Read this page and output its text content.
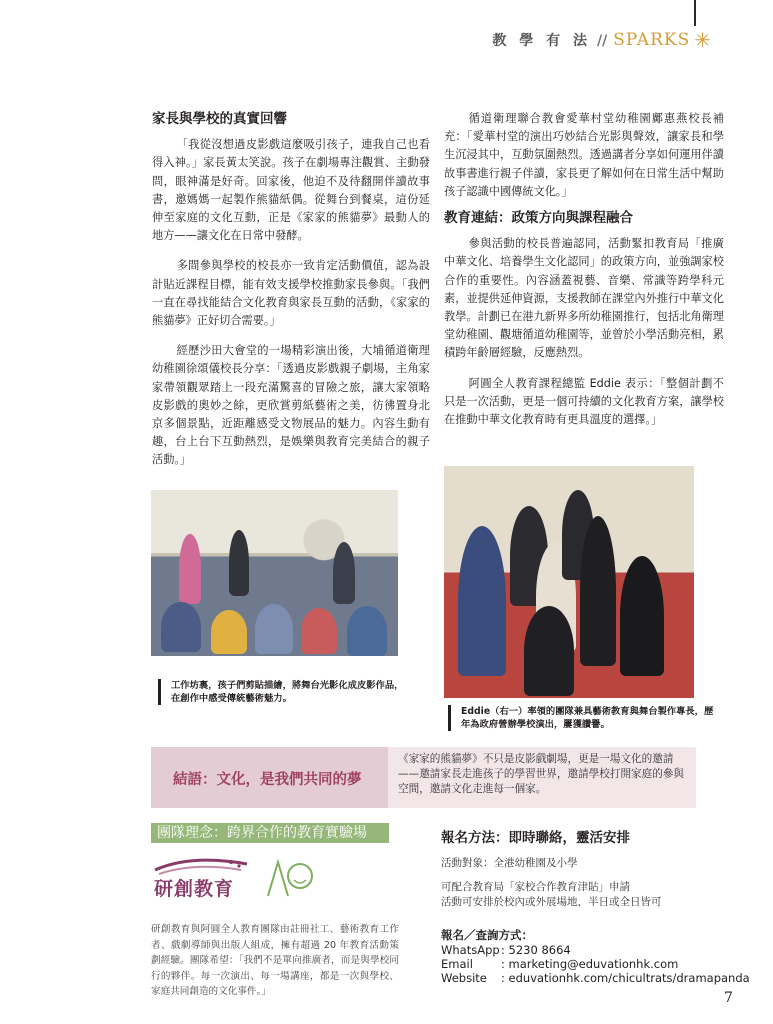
教 學 有 法 // SPARKS ✳
家長與學校的真實回響

「我從沒想過皮影戲這麼吸引孩子，連我自己也看得入神。」家長黃太笑說。孩子在劇場專注觀賞、主動發問，眼神滿是好奇。回家後，他迫不及待翻開伴讀故事書，邀媽媽一起製作熊貓紙偶。從舞台到餐桌，這份延伸至家庭的文化互動，正是《家家的熊貓夢》最動人的地方——讓文化在日常中發酵。

多間參與學校的校長亦一致肯定活動價值，認為設計貼近課程目標，能有效支援學校推動家長參與。「我們一直在尋找能結合文化教育與家長互動的活動，《家家的熊貓夢》正好切合需要。」

經歷沙田大會堂的一場精彩演出後，大埔循道衛理幼稚園徐頌儀校長分享：「透過皮影戲親子劇場，主角家家帶領觀眾踏上一段充滿驚喜的冒險之旅，讓大家領略皮影戲的奧妙之餘，更欣賞剪紙藝術之美，彷彿置身北京多個景點，近距離感受文物展品的魅力。內容生動有趣，台上台下互動熱烈，是娛樂與教育完美結合的親子活動。」

循道衛理聯合教會愛華村堂幼稚園鄺惠燕校長補充：「愛華村堂的演出巧妙結合光影與聲效，讓家長和學生沉浸其中，互動氛圍熱烈。透過講者分享如何運用伴讀故事書進行親子伴讀，家長更了解如何在日常生活中幫助孩子認識中國傳統文化。」

教育連結：政策方向與課程融合

參與活動的校長普遍認同，活動緊扣教育局「推廣中華文化、培養學生文化認同」的政策方向，並強調家校合作的重要性。內容涵蓋視藝、音樂、常識等跨學科元素，並提供延伸資源，支援教師在課堂內外推行中華文化教學。計劃已在港九新界多所幼稚園推行，包括北角衛理堂幼稚園、觀塘循道幼稚園等，並曾於小學活動亮相，累積跨年齡層經驗，反應熱烈。

阿圓全人教育課程總監 Eddie 表示：「整個計劃不只是一次活動，更是一個可持續的文化教育方案，讓學校在推動中華文化教育時有更具溫度的選擇。」

工作坊裏，孩子們剪貼描繪，將舞台光影化成皮影作品，在創作中感受傳統藝術魅力。
Eddie（右一）率領的團隊兼具藝術教育與舞台製作專長，歷年為政府營辦學校演出，屢獲讚譽。
結語：文化，是我們共同的夢
《家家的熊貓夢》不只是皮影戲劇場，更是一場文化的邀請——邀請家長走進孩子的學習世界，邀請學校打開家庭的參與空間，邀請文化走進每一個家。
團隊理念：跨界合作的教育實驗場
研創教育
研創教育與阿圓全人教育團隊由註冊社工、藝術教育工作者、戲劇導師與出版人組成，擁有超過 20 年教育活動策劃經驗。團隊希望：「我們不是單向推廣者，而是與學校同行的夥伴。每一次演出、每一場講座，都是一次與學校、家庭共同創造的文化事件。」
報名方法：即時聯絡，靈活安排
活動對象：全港幼稚園及小學
可配合教育局「家校合作教育津貼」申請
活動可安排於校內或外展場地，半日或全日皆可
報名／查詢方式：
WhatsApp : 5230 8664
Email	: marketing@eduvationhk.com
Website	: eduvationhk.com/chicultrats/dramapanda
7
